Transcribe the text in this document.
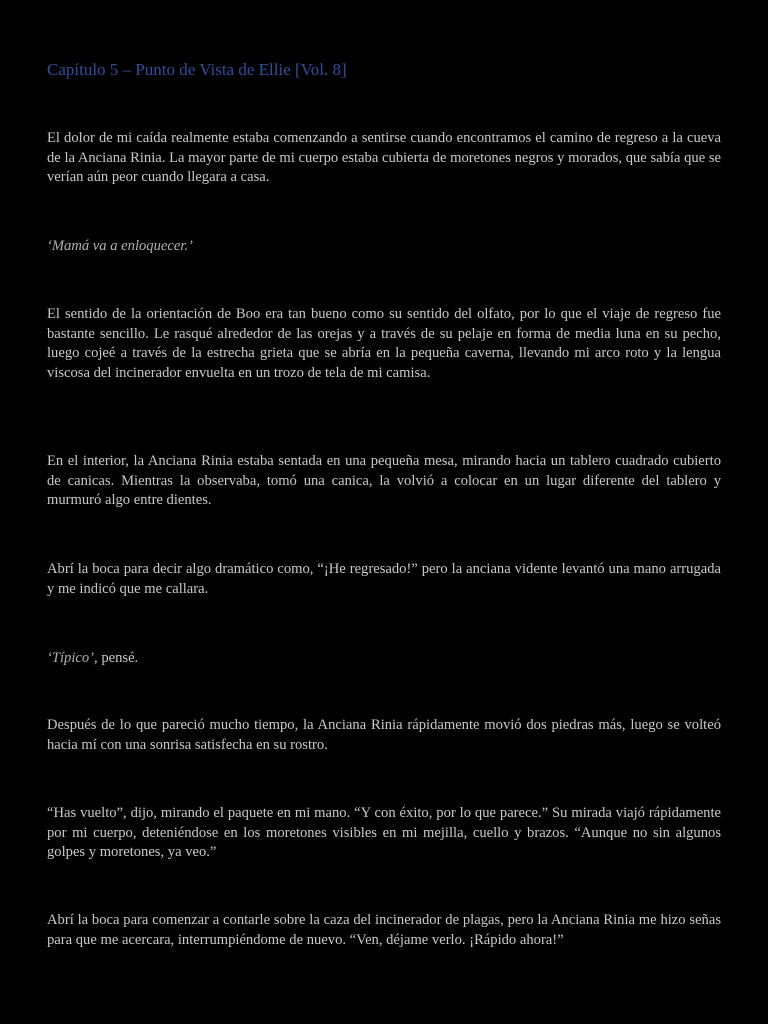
Capítulo 5 – Punto de Vista de Ellie [Vol. 8]

El dolor de mi caída realmente estaba comenzando a sentirse cuando encontramos el camino de regreso a la cueva de la Anciana Rinia. La mayor parte de mi cuerpo estaba cubierta de moretones negros y morados, que sabía que se verían aún peor cuando llegara a casa.

‘Mamá va a enloquecer.’

El sentido de la orientación de Boo era tan bueno como su sentido del olfato, por lo que el viaje de regreso fue bastante sencillo. Le rasqué alrededor de las orejas y a través de su pelaje en forma de media luna en su pecho, luego cojeé a través de la estrecha grieta que se abría en la pequeña caverna, llevando mi arco roto y la lengua viscosa del incinerador envuelta en un trozo de tela de mi camisa.

En el interior, la Anciana Rinia estaba sentada en una pequeña mesa, mirando hacia un tablero cuadrado cubierto de canicas. Mientras la observaba, tomó una canica, la volvió a colocar en un lugar diferente del tablero y murmuró algo entre dientes.

Abrí la boca para decir algo dramático como, “¡He regresado!” pero la anciana vidente levantó una mano arrugada y me indicó que me callara.

‘Típico’, pensé.

Después de lo que pareció mucho tiempo, la Anciana Rinia rápidamente movió dos piedras más, luego se volteó hacia mí con una sonrisa satisfecha en su rostro.

“Has vuelto”, dijo, mirando el paquete en mi mano. “Y con éxito, por lo que parece.” Su mirada viajó rápidamente por mi cuerpo, deteniéndose en los moretones visibles en mi mejilla, cuello y brazos. “Aunque no sin algunos golpes y moretones, ya veo.”

Abrí la boca para comenzar a contarle sobre la caza del incinerador de plagas, pero la Anciana Rinia me hizo señas para que me acercara, interrumpiéndome de nuevo. “Ven, déjame verlo. ¡Rápido ahora!”
